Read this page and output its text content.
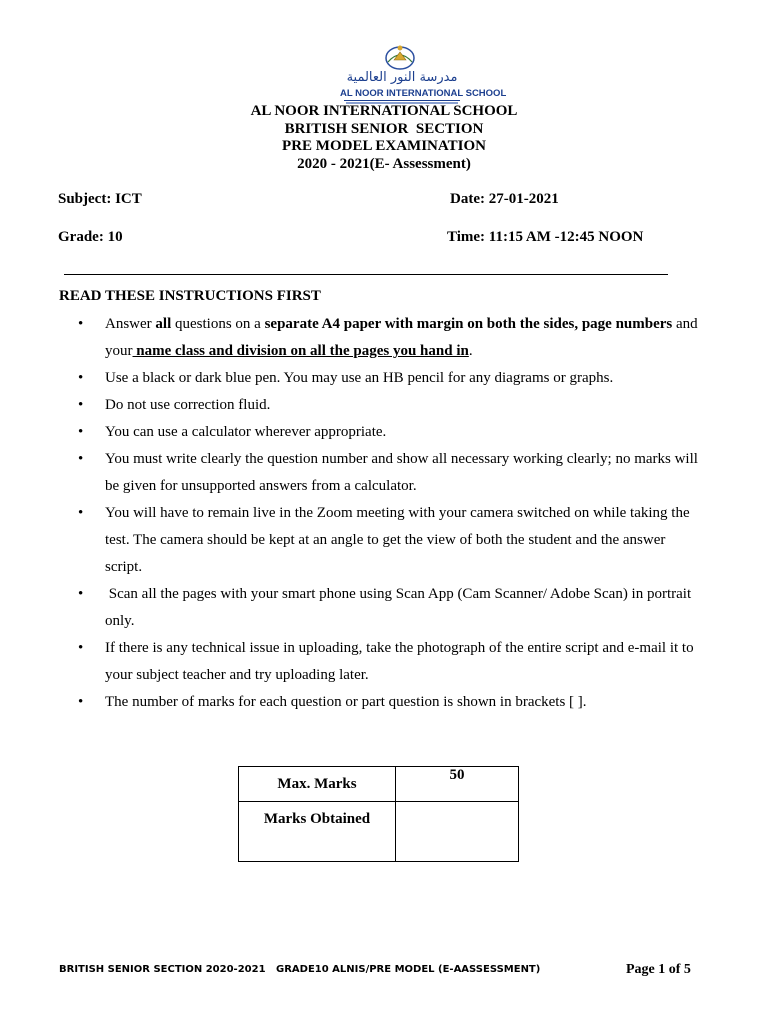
مدرسة النور العالمية
AL NOOR INTERNATIONAL SCHOOL
AL NOOR INTERNATIONAL SCHOOL
BRITISH SENIOR  SECTION
PRE MODEL EXAMINATION
2020 - 2021(E- Assessment)
Subject: ICT	Date: 27-01-2021
Grade: 10	Time: 11:15 AM -12:45 NOON
READ THESE INSTRUCTIONS FIRST
• Answer all questions on a separate A4 paper with margin on both the sides, page numbers and your name class and division on all the pages you hand in.
• Use a black or dark blue pen. You may use an HB pencil for any diagrams or graphs.
• Do not use correction fluid.
• You can use a calculator wherever appropriate.
• You must write clearly the question number and show all necessary working clearly; no marks will be given for unsupported answers from a calculator.
• You will have to remain live in the Zoom meeting with your camera switched on while taking the test. The camera should be kept at an angle to get the view of both the student and the answer script.
• Scan all the pages with your smart phone using Scan App (Cam Scanner/ Adobe Scan) in portrait only.
• If there is any technical issue in uploading, take the photograph of the entire script and e-mail it to your subject teacher and try uploading later.
• The number of marks for each question or part question is shown in brackets [ ].
Max. Marks	50
Marks Obtained	
BRITISH SENIOR SECTION 2020-2021 GRADE10 ALNIS/PRE MODEL (E-AASSESSMENT)	Page 1 of 5
